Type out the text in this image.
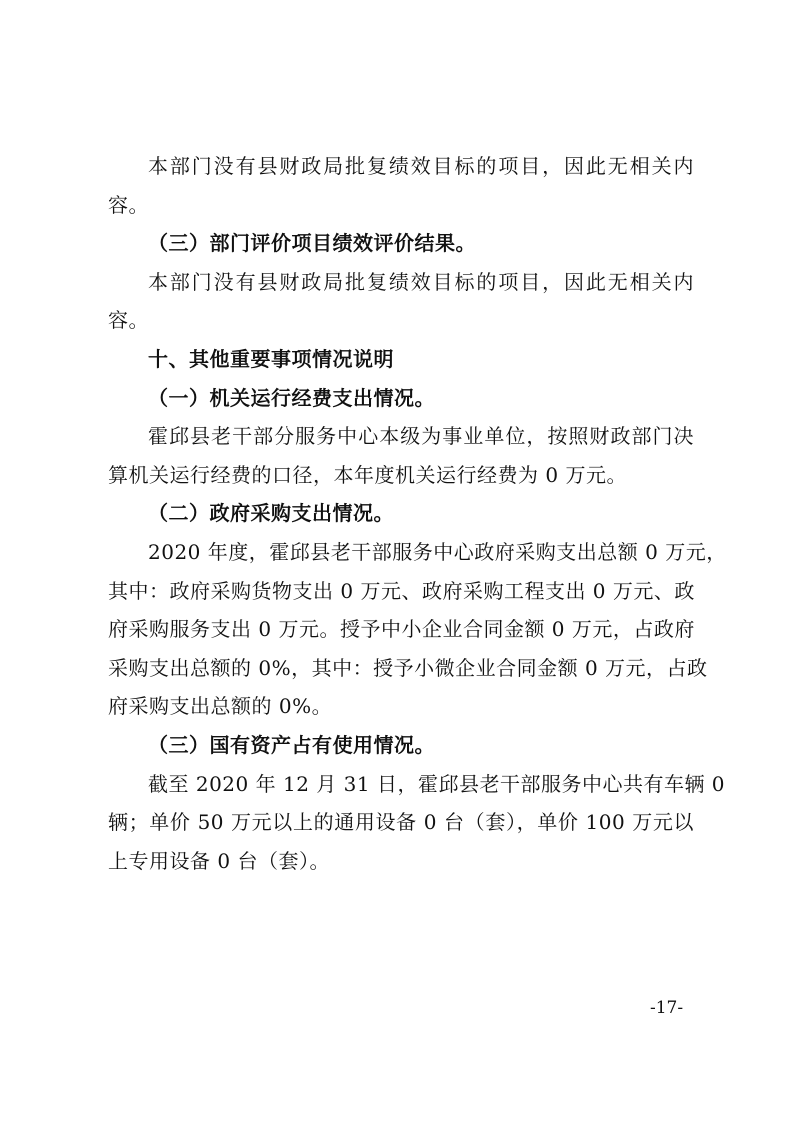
本部门没有县财政局批复绩效目标的项目，因此无相关内
容。
（三）部门评价项目绩效评价结果。
本部门没有县财政局批复绩效目标的项目，因此无相关内
容。
十、其他重要事项情况说明
（一）机关运行经费支出情况。
霍邱县老干部分服务中心本级为事业单位，按照财政部门决
算机关运行经费的口径，本年度机关运行经费为 0 万元。
（二）政府采购支出情况。
2020 年度，霍邱县老干部服务中心政府采购支出总额 0 万元，
其中：政府采购货物支出 0 万元、政府采购工程支出 0 万元、政
府采购服务支出 0 万元。授予中小企业合同金额 0 万元，占政府
采购支出总额的 0%，其中：授予小微企业合同金额 0 万元，占政
府采购支出总额的 0%。
（三）国有资产占有使用情况。
截至 2020 年 12 月 31 日，霍邱县老干部服务中心共有车辆 0
辆；单价 50 万元以上的通用设备 0 台（套），单价 100 万元以
上专用设备 0 台（套）。
-17-
